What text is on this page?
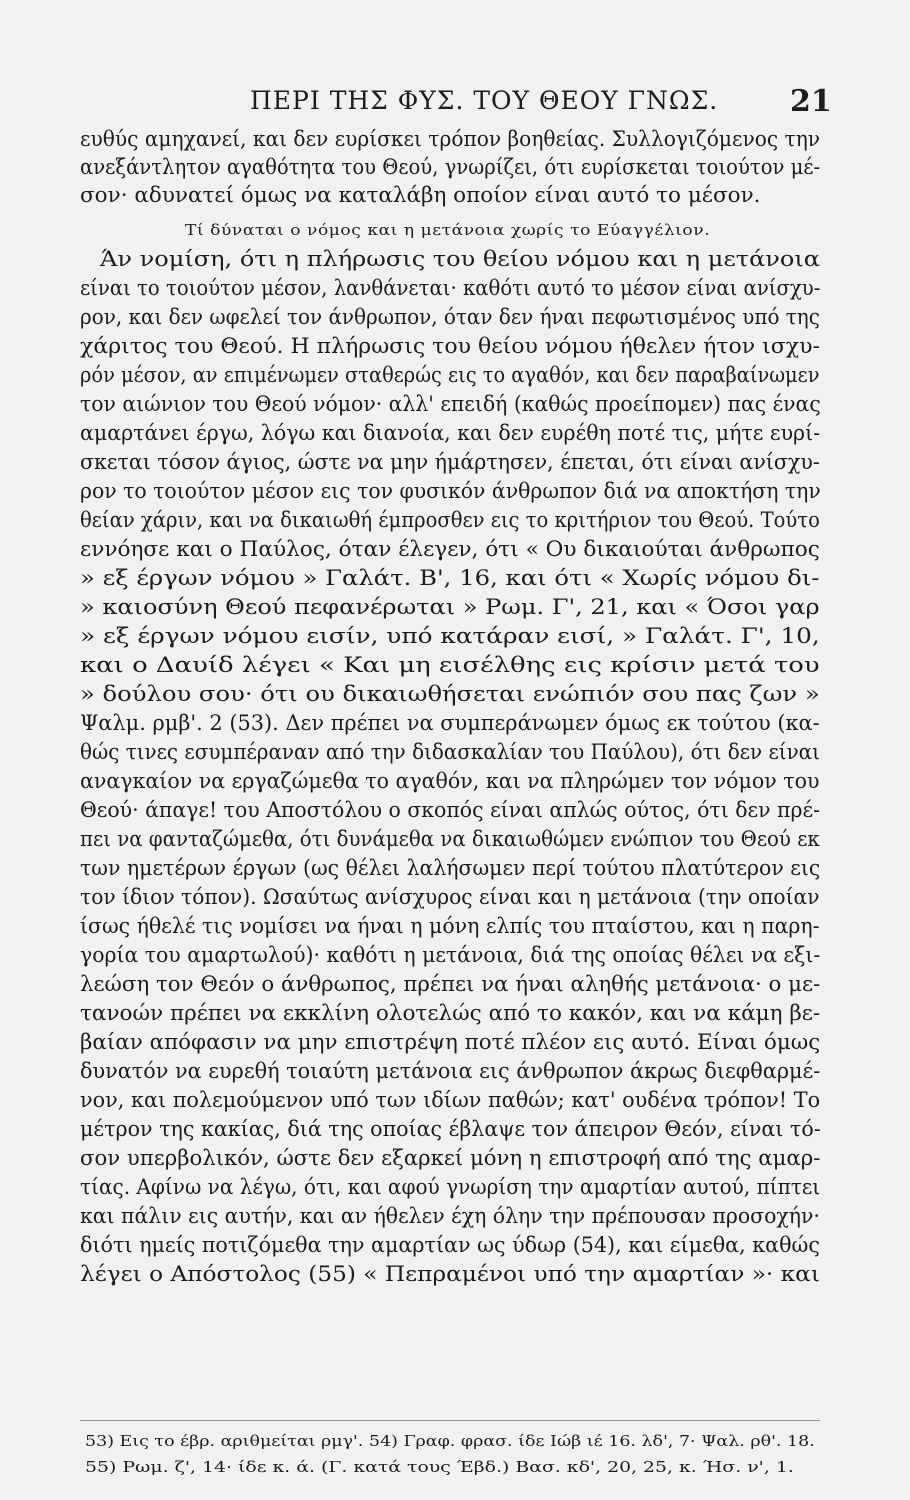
ΠΕΡΙ ΤΗΣ ΦΥΣ. ΤΟΥ ΘΕΟΥ ΓΝΩΣ. 21
ευθύς αμηχανεί, και δεν ευρίσκει τρόπον βοηθείας. Συλλογιζόμενος την
ανεξάντλητον αγαθότητα του Θεού, γνωρίζει, ότι ευρίσκεται τοιούτον μέ-
σον· αδυνατεί όμως να καταλάβη οποίον είναι αυτό το μέσον.
Τί δύναται ο νόμος και η μετάνοια χωρίς το Εύαγγέλιον.
Άν νομίση, ότι η πλήρωσις του θείου νόμου και η μετάνοια
είναι το τοιούτον μέσον, λανθάνεται· καθότι αυτό το μέσον είναι ανίσχυ-
ρον, και δεν ωφελεί τον άνθρωπον, όταν δεν ήναι πεφωτισμένος υπό της
χάριτος του Θεού. Η πλήρωσις του θείου νόμου ήθελεν ήτον ισχυ-
ρόν μέσον, αν επιμένωμεν σταθερώς εις το αγαθόν, και δεν παραβαίνωμεν
τον αιώνιον του Θεού νόμον· αλλ' επειδή (καθώς προείπομεν) πας ένας
αμαρτάνει έργω, λόγω και διανοία, και δεν ευρέθη ποτέ τις, μήτε ευρί-
σκεται τόσον άγιος, ώστε να μην ήμάρτησεν, έπεται, ότι είναι ανίσχυ-
ρον το τοιούτον μέσον εις τον φυσικόν άνθρωπον διά να αποκτήση την
θείαν χάριν, και να δικαιωθή έμπροσθεν εις το κριτήριον του Θεού. Τούτο
εννόησε και ο Παύλος, όταν έλεγεν, ότι « Ου δικαιούται άνθρωπος
» εξ έργων νόμου » Γαλάτ. Β', 16, και ότι « Χωρίς νόμου δι-
» καιοσύνη Θεού πεφανέρωται » Ρωμ. Γ', 21, και « Όσοι γαρ
» εξ έργων νόμου εισίν, υπό κατάραν εισί, » Γαλάτ. Γ', 10,
και ο Δαυίδ λέγει « Και μη εισέλθης εις κρίσιν μετά του
» δούλου σου· ότι ου δικαιωθήσεται ενώπιόν σου πας ζων »
Ψαλμ. ρμβ'. 2 (53). Δεν πρέπει να συμπεράνωμεν όμως εκ τούτου (κα-
θώς τινες εσυμπέραναν από την διδασκαλίαν του Παύλου), ότι δεν είναι
αναγκαίον να εργαζώμεθα το αγαθόν, και να πληρώμεν τον νόμον του
Θεού· άπαγε! του Αποστόλου ο σκοπός είναι απλώς ούτος, ότι δεν πρέ-
πει να φανταζώμεθα, ότι δυνάμεθα να δικαιωθώμεν ενώπιον του Θεού εκ
των ημετέρων έργων (ως θέλει λαλήσωμεν περί τούτου πλατύτερον εις
τον ίδιον τόπον). Ωσαύτως ανίσχυρος είναι και η μετάνοια (την οποίαν
ίσως ήθελέ τις νομίσει να ήναι η μόνη ελπίς του πταίστου, και η παρη-
γορία του αμαρτωλού)· καθότι η μετάνοια, διά της οποίας θέλει να εξι-
λεώση τον Θεόν ο άνθρωπος, πρέπει να ήναι αληθής μετάνοια· ο με-
τανοών πρέπει να εκκλίνη ολοτελώς από το κακόν, και να κάμη βε-
βαίαν απόφασιν να μην επιστρέψη ποτέ πλέον εις αυτό. Είναι όμως
δυνατόν να ευρεθή τοιαύτη μετάνοια εις άνθρωπον άκρως διεφθαρμέ-
νον, και πολεμούμενον υπό των ιδίων παθών; κατ' ουδένα τρόπον! Το
μέτρον της κακίας, διά της οποίας έβλαψε τον άπειρον Θεόν, είναι τό-
σον υπερβολικόν, ώστε δεν εξαρκεί μόνη η επιστροφή από της αμαρ-
τίας. Αφίνω να λέγω, ότι, και αφού γνωρίση την αμαρτίαν αυτού, πίπτει
και πάλιν εις αυτήν, και αν ήθελεν έχη όλην την πρέπουσαν προσοχήν·
διότι ημείς ποτιζόμεθα την αμαρτίαν ως ύδωρ (54), και είμεθα, καθώς
λέγει ο Απόστολος (55) « Πεπραμένοι υπό την αμαρτίαν »· και
53) Εις το έβρ. αριθμείται ρμγ'. 54) Γραφ. φρασ. ίδε Ιώβ ιέ 16. λδ', 7· Ψαλ. ρθ'. 18.
55) Ρωμ. ζ', 14· ίδε κ. ά. (Γ. κατά τους Έβδ.) Βασ. κδ', 20, 25, κ. Ήσ. ν', 1.
